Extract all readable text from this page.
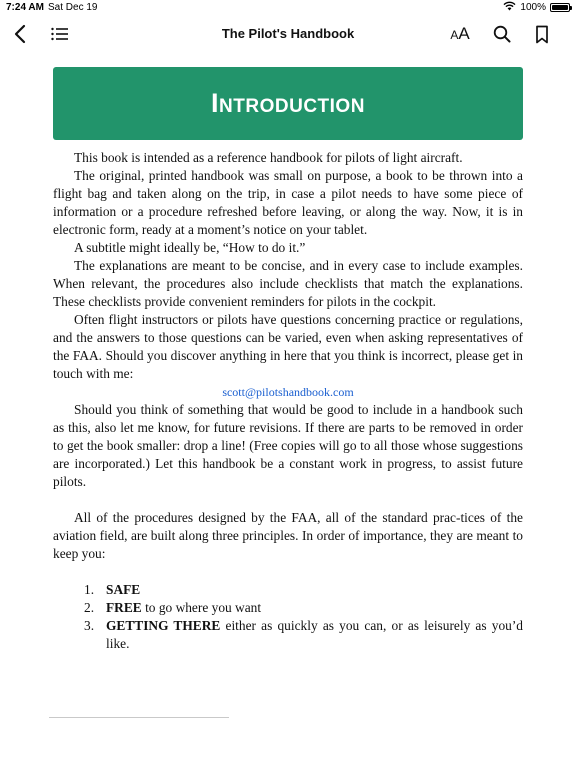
7:24 AM Sat Dec 19	100%
The Pilot's Handbook	A A
Introduction

This book is intended as a reference handbook for pilots of light aircraft.

The original, printed handbook was small on purpose, a book to be thrown into a flight bag and taken along on the trip, in case a pilot needs to have some piece of information or a procedure refreshed before leaving, or along the way. Now, it is in electronic form, ready at a moment’s notice on your tablet.

A subtitle might ideally be, “How to do it.”

The explanations are meant to be concise, and in every case to include examples. When relevant, the procedures also include checklists that match the explanations. These checklists provide convenient reminders for pilots in the cockpit.

Often flight instructors or pilots have questions concerning practice or regulations, and the answers to those questions can be varied, even when asking representatives of the FAA. Should you discover anything in here that you think is incorrect, please get in touch with me:

scott@pilotshandbook.com

Should you think of something that would be good to include in a handbook such as this, also let me know, for future revisions. If there are parts to be removed in order to get the book smaller: drop a line! (Free copies will go to all those whose suggestions are incorporated.) Let this handbook be a constant work in progress, to assist future pilots.

All of the procedures designed by the FAA, all of the standard prac-tices of the aviation field, are built along three principles. In order of importance, they are meant to keep you:

1. SAFE
2. FREE to go where you want
3. GETTING THERE either as quickly as you can, or as leisurely as you’d like.
